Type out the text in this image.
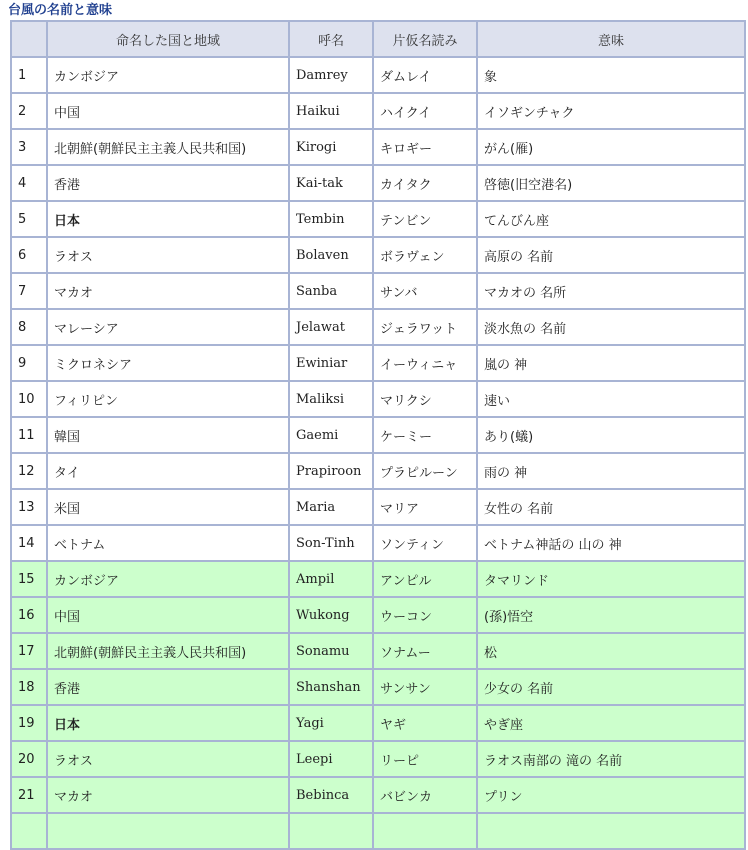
台風の名前と意味
	命名した国と地域	呼名	片仮名読み	意味
1	カンボジア	Damrey	ダムレイ	象
2	中国	Haikui	ハイクイ	イソギンチャク
3	北朝鮮(朝鮮民主主義人民共和国)	Kirogi	キロギー	がん(雁)
4	香港	Kai-tak	カイタク	啓徳(旧空港名)
5	日本	Tembin	テンビン	てんびん座
6	ラオス	Bolaven	ボラヴェン	高原の 名前
7	マカオ	Sanba	サンバ	マカオの 名所
8	マレーシア	Jelawat	ジェラワット	淡水魚の 名前
9	ミクロネシア	Ewiniar	イーウィニャ	嵐の 神
10	フィリピン	Maliksi	マリクシ	速い
11	韓国	Gaemi	ケーミー	あり(蟻)
12	タイ	Prapiroon	プラピルーン	雨の 神
13	米国	Maria	マリア	女性の 名前
14	ベトナム	Son-Tinh	ソンティン	ベトナム神話の 山の 神
15	カンボジア	Ampil	アンピル	タマリンド
16	中国	Wukong	ウーコン	(孫)悟空
17	北朝鮮(朝鮮民主主義人民共和国)	Sonamu	ソナムー	松
18	香港	Shanshan	サンサン	少女の 名前
19	日本	Yagi	ヤギ	やぎ座
20	ラオス	Leepi	リーピ	ラオス南部の 滝の 名前
21	マカオ	Bebinca	バビンカ	プリン
